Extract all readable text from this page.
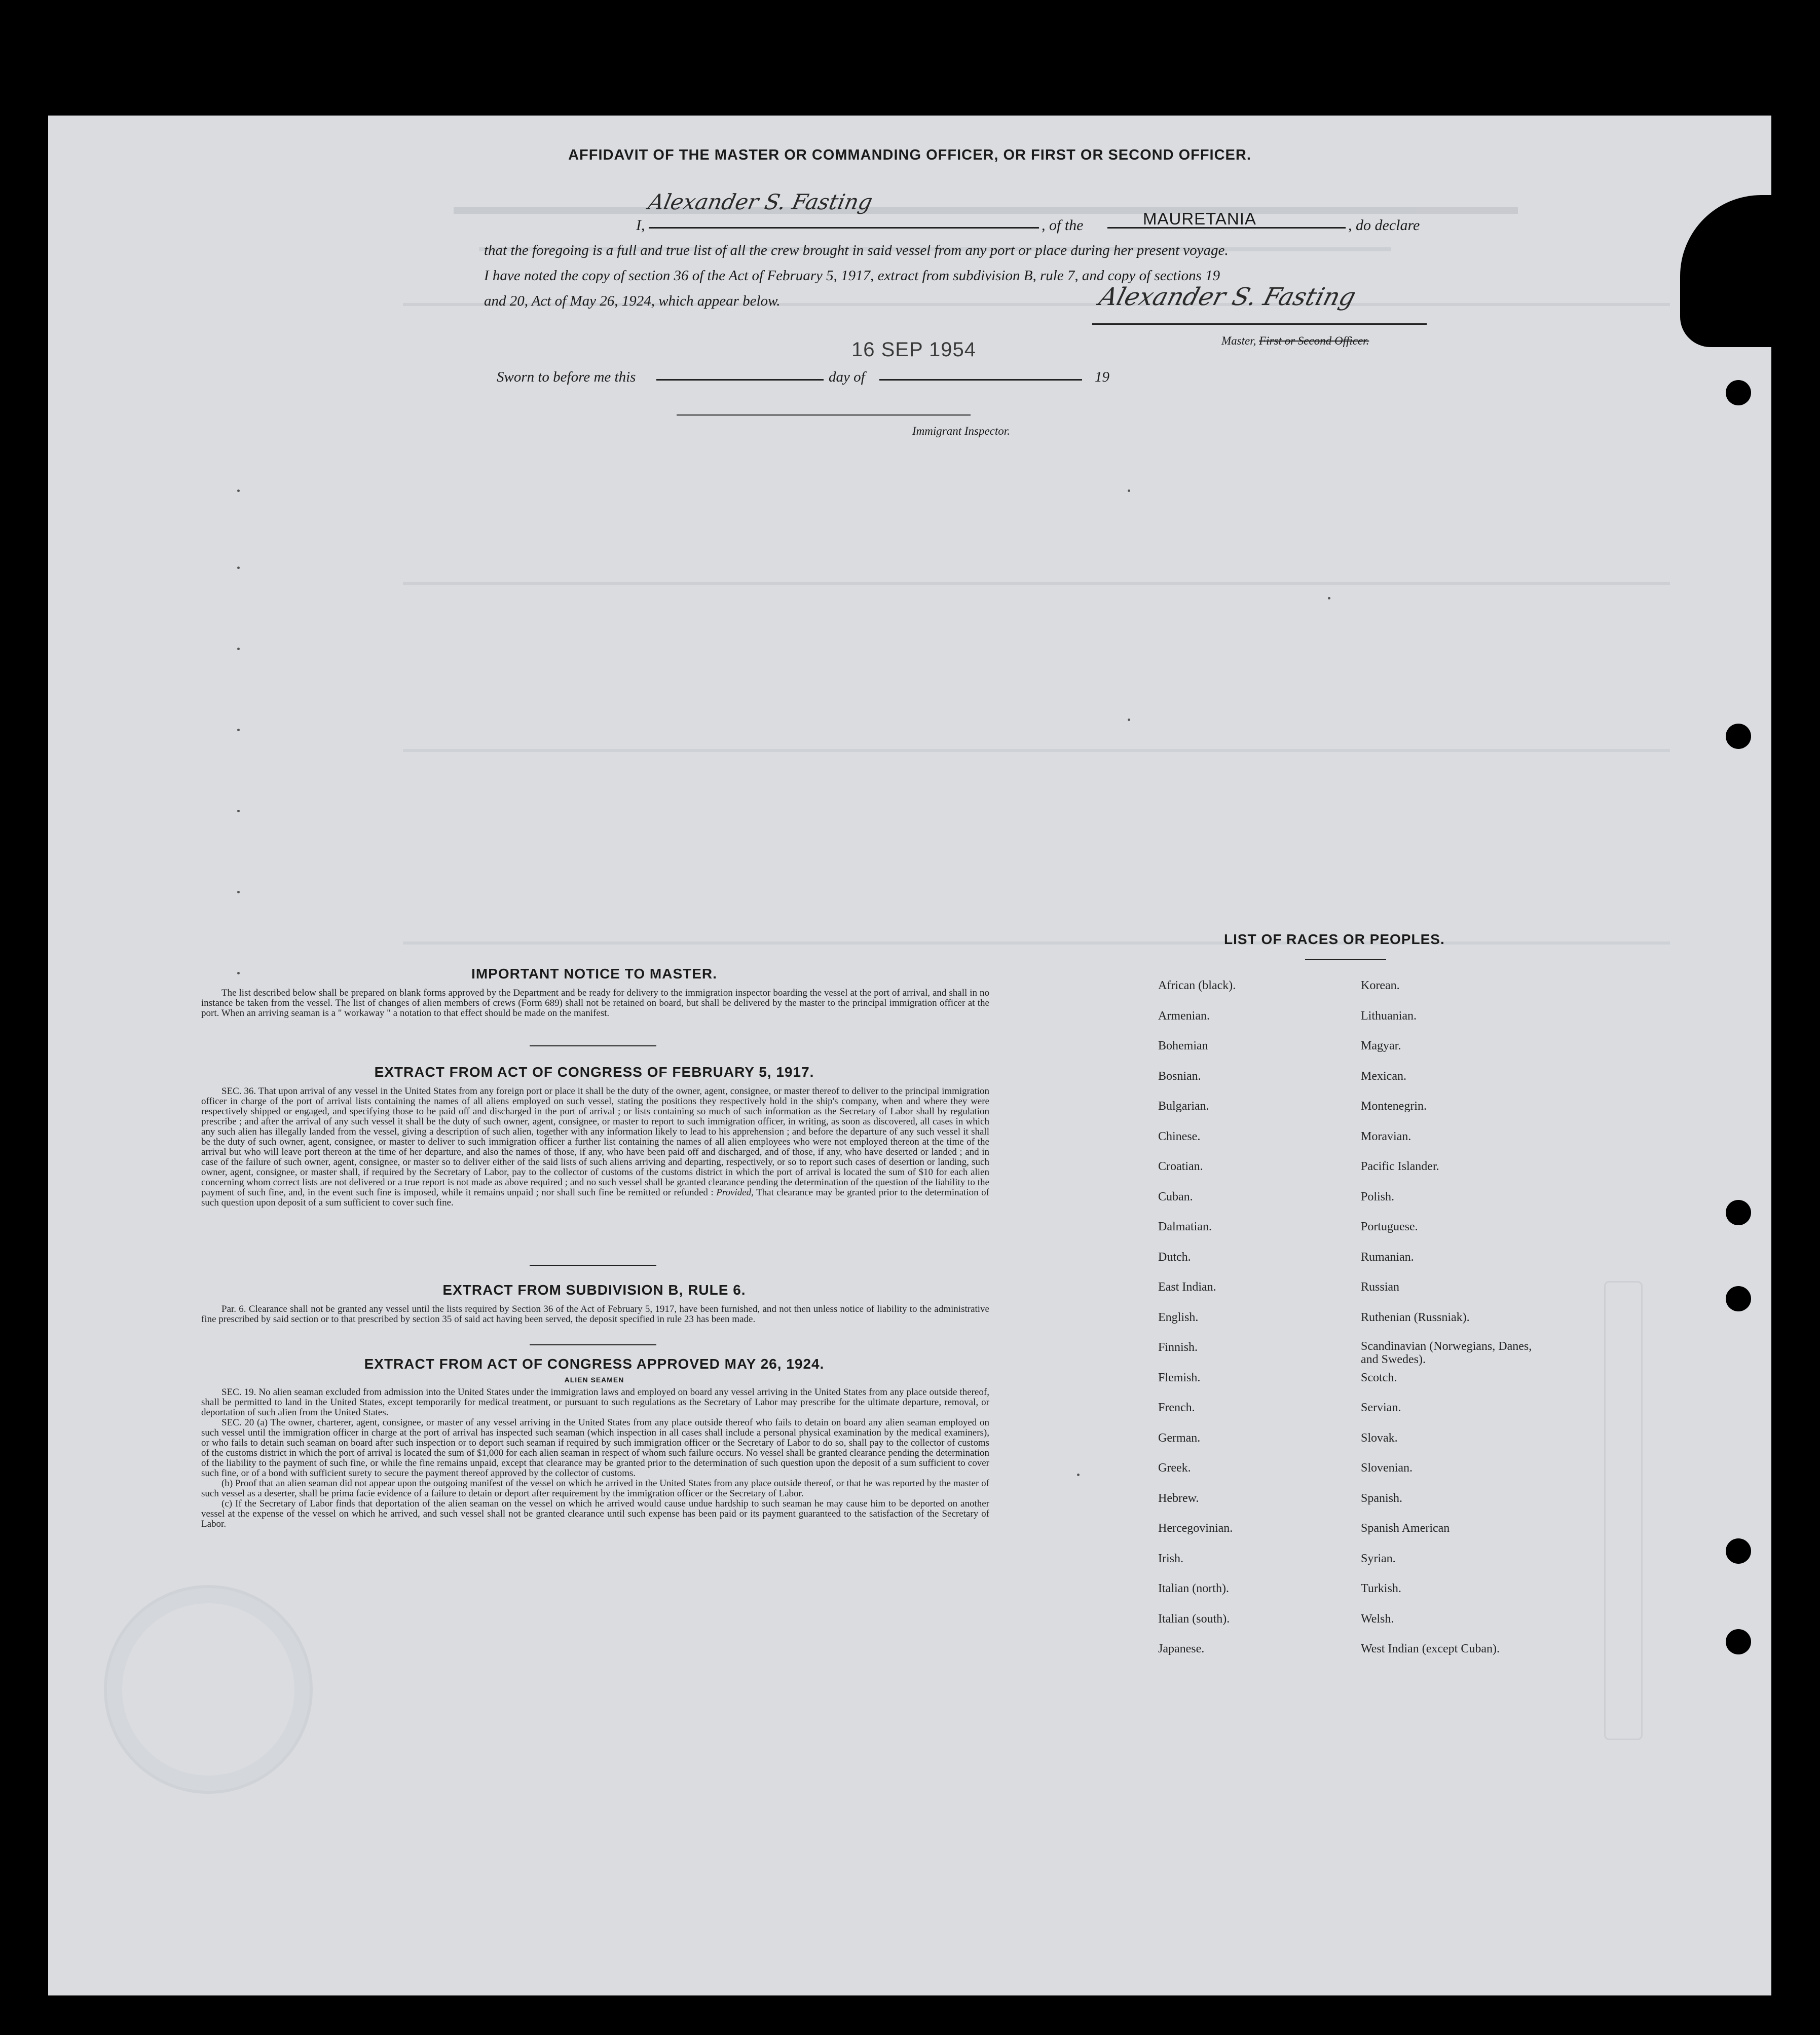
AFFIDAVIT OF THE MASTER OR COMMANDING OFFICER, OR FIRST OR SECOND OFFICER.
I,
Alexander S. Fasting
, of the	MAURETANIA	, do declare
that the foregoing is a full and true list of all the crew brought in said vessel from any port or place during her present voyage.
I have noted the copy of section 36 of the Act of February 5, 1917, extract from subdivision B, rule 7, and copy of sections 19
and 20, Act of May 26, 1924, which appear below.	Alexander S. Fasting
Master, First or Second Officer.
16 SEP 1954
Sworn to before me this	day of	19
Immigrant Inspector.
IMPORTANT NOTICE TO MASTER.

The list described below shall be prepared on blank forms approved by the Department and be ready for delivery to the immigration inspector boarding the vessel at the port of arrival, and shall in no instance be taken from the vessel. The list of changes of alien members of crews (Form 689) shall not be retained on board, but shall be delivered by the master to the principal immigration officer at the port. When an arriving seaman is a " workaway " a notation to that effect should be made on the manifest.

EXTRACT FROM ACT OF CONGRESS OF FEBRUARY 5, 1917.

SEC. 36. That upon arrival of any vessel in the United States from any foreign port or place it shall be the duty of the owner, agent, consignee, or master thereof to deliver to the principal immigration officer in charge of the port of arrival lists containing the names of all aliens employed on such vessel, stating the positions they respectively hold in the ship's company, when and where they were respectively shipped or engaged, and specifying those to be paid off and discharged in the port of arrival ; or lists containing so much of such information as the Secretary of Labor shall by regulation prescribe ; and after the arrival of any such vessel it shall be the duty of such owner, agent, consignee, or master to report to such immigration officer, in writing, as soon as discovered, all cases in which any such alien has illegally landed from the vessel, giving a description of such alien, together with any information likely to lead to his apprehension ; and before the departure of any such vessel it shall be the duty of such owner, agent, consignee, or master to deliver to such immigration officer a further list containing the names of all alien employees who were not employed thereon at the time of the arrival but who will leave port thereon at the time of her departure, and also the names of those, if any, who have been paid off and discharged, and of those, if any, who have deserted or landed ; and in case of the failure of such owner, agent, consignee, or master so to deliver either of the said lists of such aliens arriving and departing, respectively, or so to report such cases of desertion or landing, such owner, agent, consignee, or master shall, if required by the Secretary of Labor, pay to the collector of customs of the customs district in which the port of arrival is located the sum of $10 for each alien concerning whom correct lists are not delivered or a true report is not made as above required ; and no such vessel shall be granted clearance pending the determination of the question of the liability to the payment of such fine, and, in the event such fine is imposed, while it remains unpaid ; nor shall such fine be remitted or refunded : Provided, That clearance may be granted prior to the determination of such question upon deposit of a sum sufficient to cover such fine.

EXTRACT FROM SUBDIVISION B, RULE 6.

Par. 6. Clearance shall not be granted any vessel until the lists required by Section 36 of the Act of February 5, 1917, have been furnished, and not then unless notice of liability to the administrative fine prescribed by said section or to that prescribed by section 35 of said act having been served, the deposit specified in rule 23 has been made.

EXTRACT FROM ACT OF CONGRESS APPROVED MAY 26, 1924.
ALIEN SEAMEN

SEC. 19. No alien seaman excluded from admission into the United States under the immigration laws and employed on board any vessel arriving in the United States from any place outside thereof, shall be permitted to land in the United States, except temporarily for medical treatment, or pursuant to such regulations as the Secretary of Labor may prescribe for the ultimate departure, removal, or deportation of such alien from the United States.

SEC. 20 (a) The owner, charterer, agent, consignee, or master of any vessel arriving in the United States from any place outside thereof who fails to detain on board any alien seaman employed on such vessel until the immigration officer in charge at the port of arrival has inspected such seaman (which inspection in all cases shall include a personal physical examination by the medical examiners), or who fails to detain such seaman on board after such inspection or to deport such seaman if required by such immigration officer or the Secretary of Labor to do so, shall pay to the collector of customs of the customs district in which the port of arrival is located the sum of $1,000 for each alien seaman in respect of whom such failure occurs. No vessel shall be granted clearance pending the determination of the liability to the payment of such fine, or while the fine remains unpaid, except that clearance may be granted prior to the determination of such question upon the deposit of a sum sufficient to cover such fine, or of a bond with sufficient surety to secure the payment thereof approved by the collector of customs.

(b) Proof that an alien seaman did not appear upon the outgoing manifest of the vessel on which he arrived in the United States from any place outside thereof, or that he was reported by the master of such vessel as a deserter, shall be prima facie evidence of a failure to detain or deport after requirement by the immigration officer or the Secretary of Labor.

(c) If the Secretary of Labor finds that deportation of the alien seaman on the vessel on which he arrived would cause undue hardship to such seaman he may cause him to be deported on another vessel at the expense of the vessel on which he arrived, and such vessel shall not be granted clearance until such expense has been paid or its payment guaranteed to the satisfaction of the Secretary of Labor.

LIST OF RACES OR PEOPLES.
African (black).
Armenian.
Bohemian
Bosnian.
Bulgarian.
Chinese.
Croatian.
Cuban.
Dalmatian.
Dutch.
East Indian.
English.
Finnish.
Flemish.
French.
German.
Greek.
Hebrew.
Hercegovinian.
Irish.
Italian (north).
Italian (south).
Japanese.
Korean.
Lithuanian.
Magyar.
Mexican.
Montenegrin.
Moravian.
Pacific Islander.
Polish.
Portuguese.
Rumanian.
Russian
Ruthenian (Russniak).
Scandinavian (Norwegians, Danes, and Swedes).
Scotch.
Servian.
Slovak.
Slovenian.
Spanish.
Spanish American
Syrian.
Turkish.
Welsh.
West Indian (except Cuban).
